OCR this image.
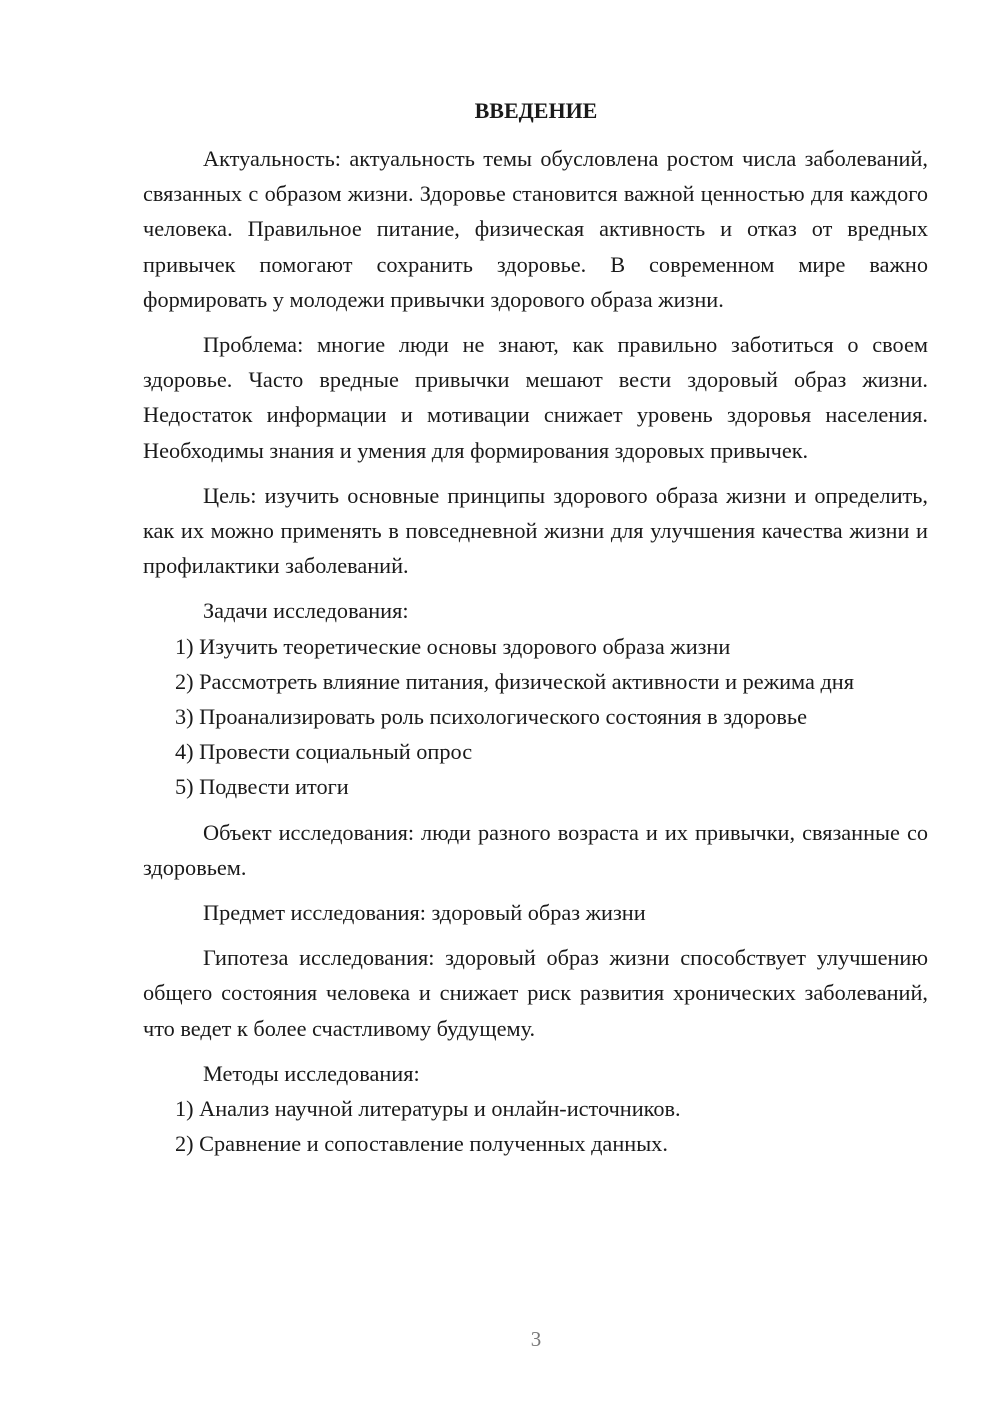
ВВЕДЕНИЕ

Актуальность: актуальность темы обусловлена ростом числа заболеваний, связанных с образом жизни. Здоровье становится важной ценностью для каждого человека. Правильное питание, физическая активность и отказ от вредных привычек помогают сохранить здоровье. В современном мире важно формировать у молодежи привычки здорового образа жизни.

Проблема: многие люди не знают, как правильно заботиться о своем здоровье. Часто вредные привычки мешают вести здоровый образ жизни. Недостаток информации и мотивации снижает уровень здоровья населения. Необходимы знания и умения для формирования здоровых привычек.

Цель: изучить основные принципы здорового образа жизни и определить, как их можно применять в повседневной жизни для улучшения качества жизни и профилактики заболеваний.

Задачи исследования:

1) Изучить теоретические основы здорового образа жизни

2) Рассмотреть влияние питания, физической активности и режима дня

3) Проанализировать роль психологического состояния в здоровье

4) Провести социальный опрос

5) Подвести итоги

Объект исследования: люди разного возраста и их привычки, связанные со здоровьем.

Предмет исследования: здоровый образ жизни

Гипотеза исследования: здоровый образ жизни способствует улучшению общего состояния человека и снижает риск развития хронических заболеваний, что ведет к более счастливому будущему.

Методы исследования:

1) Анализ научной литературы и онлайн-источников.

2) Сравнение и сопоставление полученных данных.

3
